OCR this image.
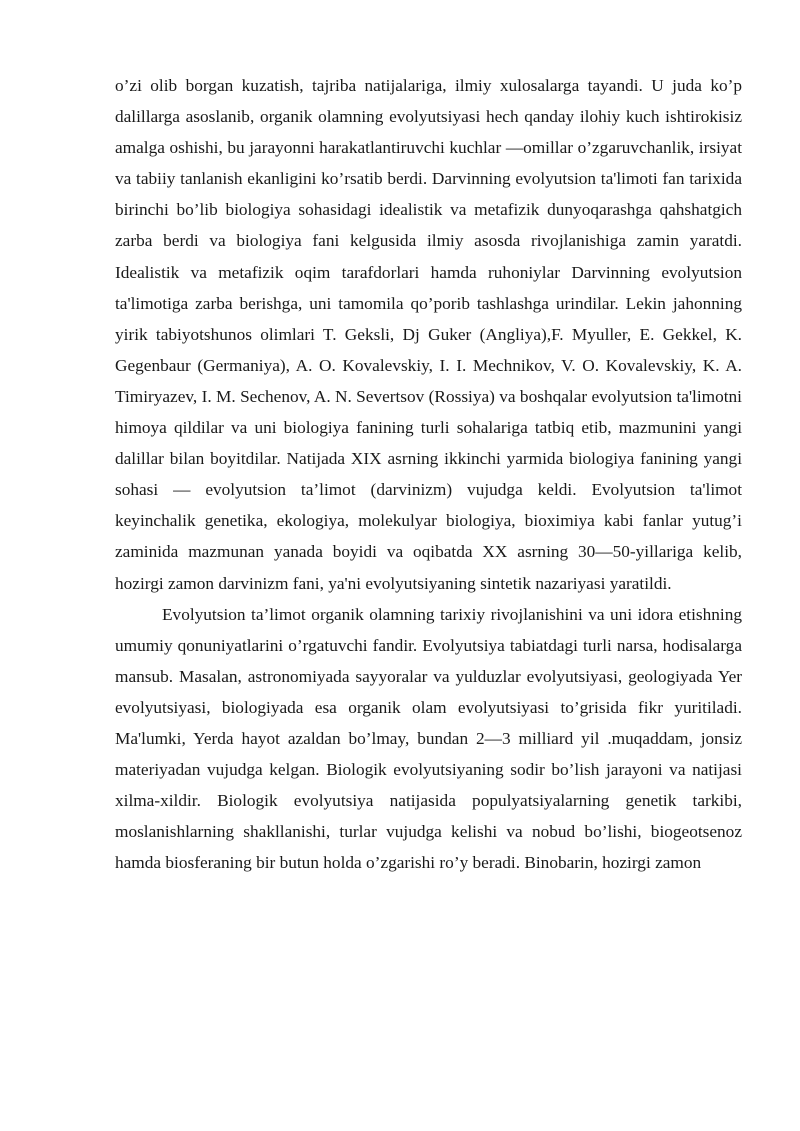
o’zi olib borgan kuzatish, tajriba natijalariga, ilmiy xulosalarga tayandi. U juda ko’p dalillarga asoslanib, organik olamning evolyutsiyasi hech qanday ilohiy kuch ishtirokisiz amalga oshishi, bu jarayonni harakatlantiruvchi kuchlar —omillar o’zgaruvchanlik, irsiyat va tabiiy tanlanish ekanligini ko’rsatib berdi. Darvinning evolyutsion ta'limoti fan tarixida birinchi bo’lib biologiya sohasidagi idealistik va metafizik dunyoqarashga qahshatgich zarba berdi va biologiya fani kelgusida ilmiy asosda rivojlanishiga zamin yaratdi. Idealistik va metafizik oqim tarafdorlari hamda ruhoniylar Darvinning evolyutsion ta'limotiga zarba berishga, uni tamomila qo’porib tashlashga urindilar. Lekin jahonning yirik tabiyotshunos olimlari T. Geksli, Dj Guker (Angliya),F. Myuller, E. Gekkel, K. Gegenbaur (Germaniya), A. O. Kovalevskiy, I. I. Mechnikov, V. O. Kovalevskiy, K. A. Timiryazev, I. M. Sechenov, A. N. Severtsov (Rossiya) va boshqalar evolyutsion ta'limotni himoya qildilar va uni biologiya fanining turli sohalariga tatbiq etib, mazmunini yangi dalillar bilan boyitdilar. Natijada XIX asrning ikkinchi yarmida biologiya fanining yangi sohasi — evolyutsion ta’limot (darvinizm) vujudga keldi. Evolyutsion ta'limot keyinchalik genetika, ekologiya, molekulyar biologiya, bioximiya kabi fanlar yutug’i zaminida mazmunan yanada boyidi va oqibatda XX asrning 30—50-yillariga kelib, hozirgi zamon darvinizm fani, ya'ni evolyutsiyaning sintetik nazariyasi yaratildi.

Evolyutsion ta’limot organik olamning tarixiy rivojlanishini va uni idora etishning umumiy qonuniyatlarini o’rgatuvchi fandir. Evolyutsiya tabiatdagi turli narsa, hodisalarga mansub. Masalan, astronomiyada sayyoralar va yulduzlar evolyutsiyasi, geologiyada Yer evolyutsiyasi, biologiyada esa organik olam evolyutsiyasi to’grisida fikr yuritiladi. Ma'lumki, Yerda hayot azaldan bo’lmay, bundan 2—3 milliard yil .muqaddam, jonsiz materiyadan vujudga kelgan. Biologik evolyutsiyaning sodir bo’lish jarayoni va natijasi xilma-xildir. Biologik evolyutsiya natijasida populyatsiyalarning genetik tarkibi, moslanishlarning shakllanishi, turlar vujudga kelishi va nobud bo’lishi, biogeotsenoz hamda biosferaning bir butun holda o’zgarishi ro’y beradi. Binobarin, hozirgi zamon
